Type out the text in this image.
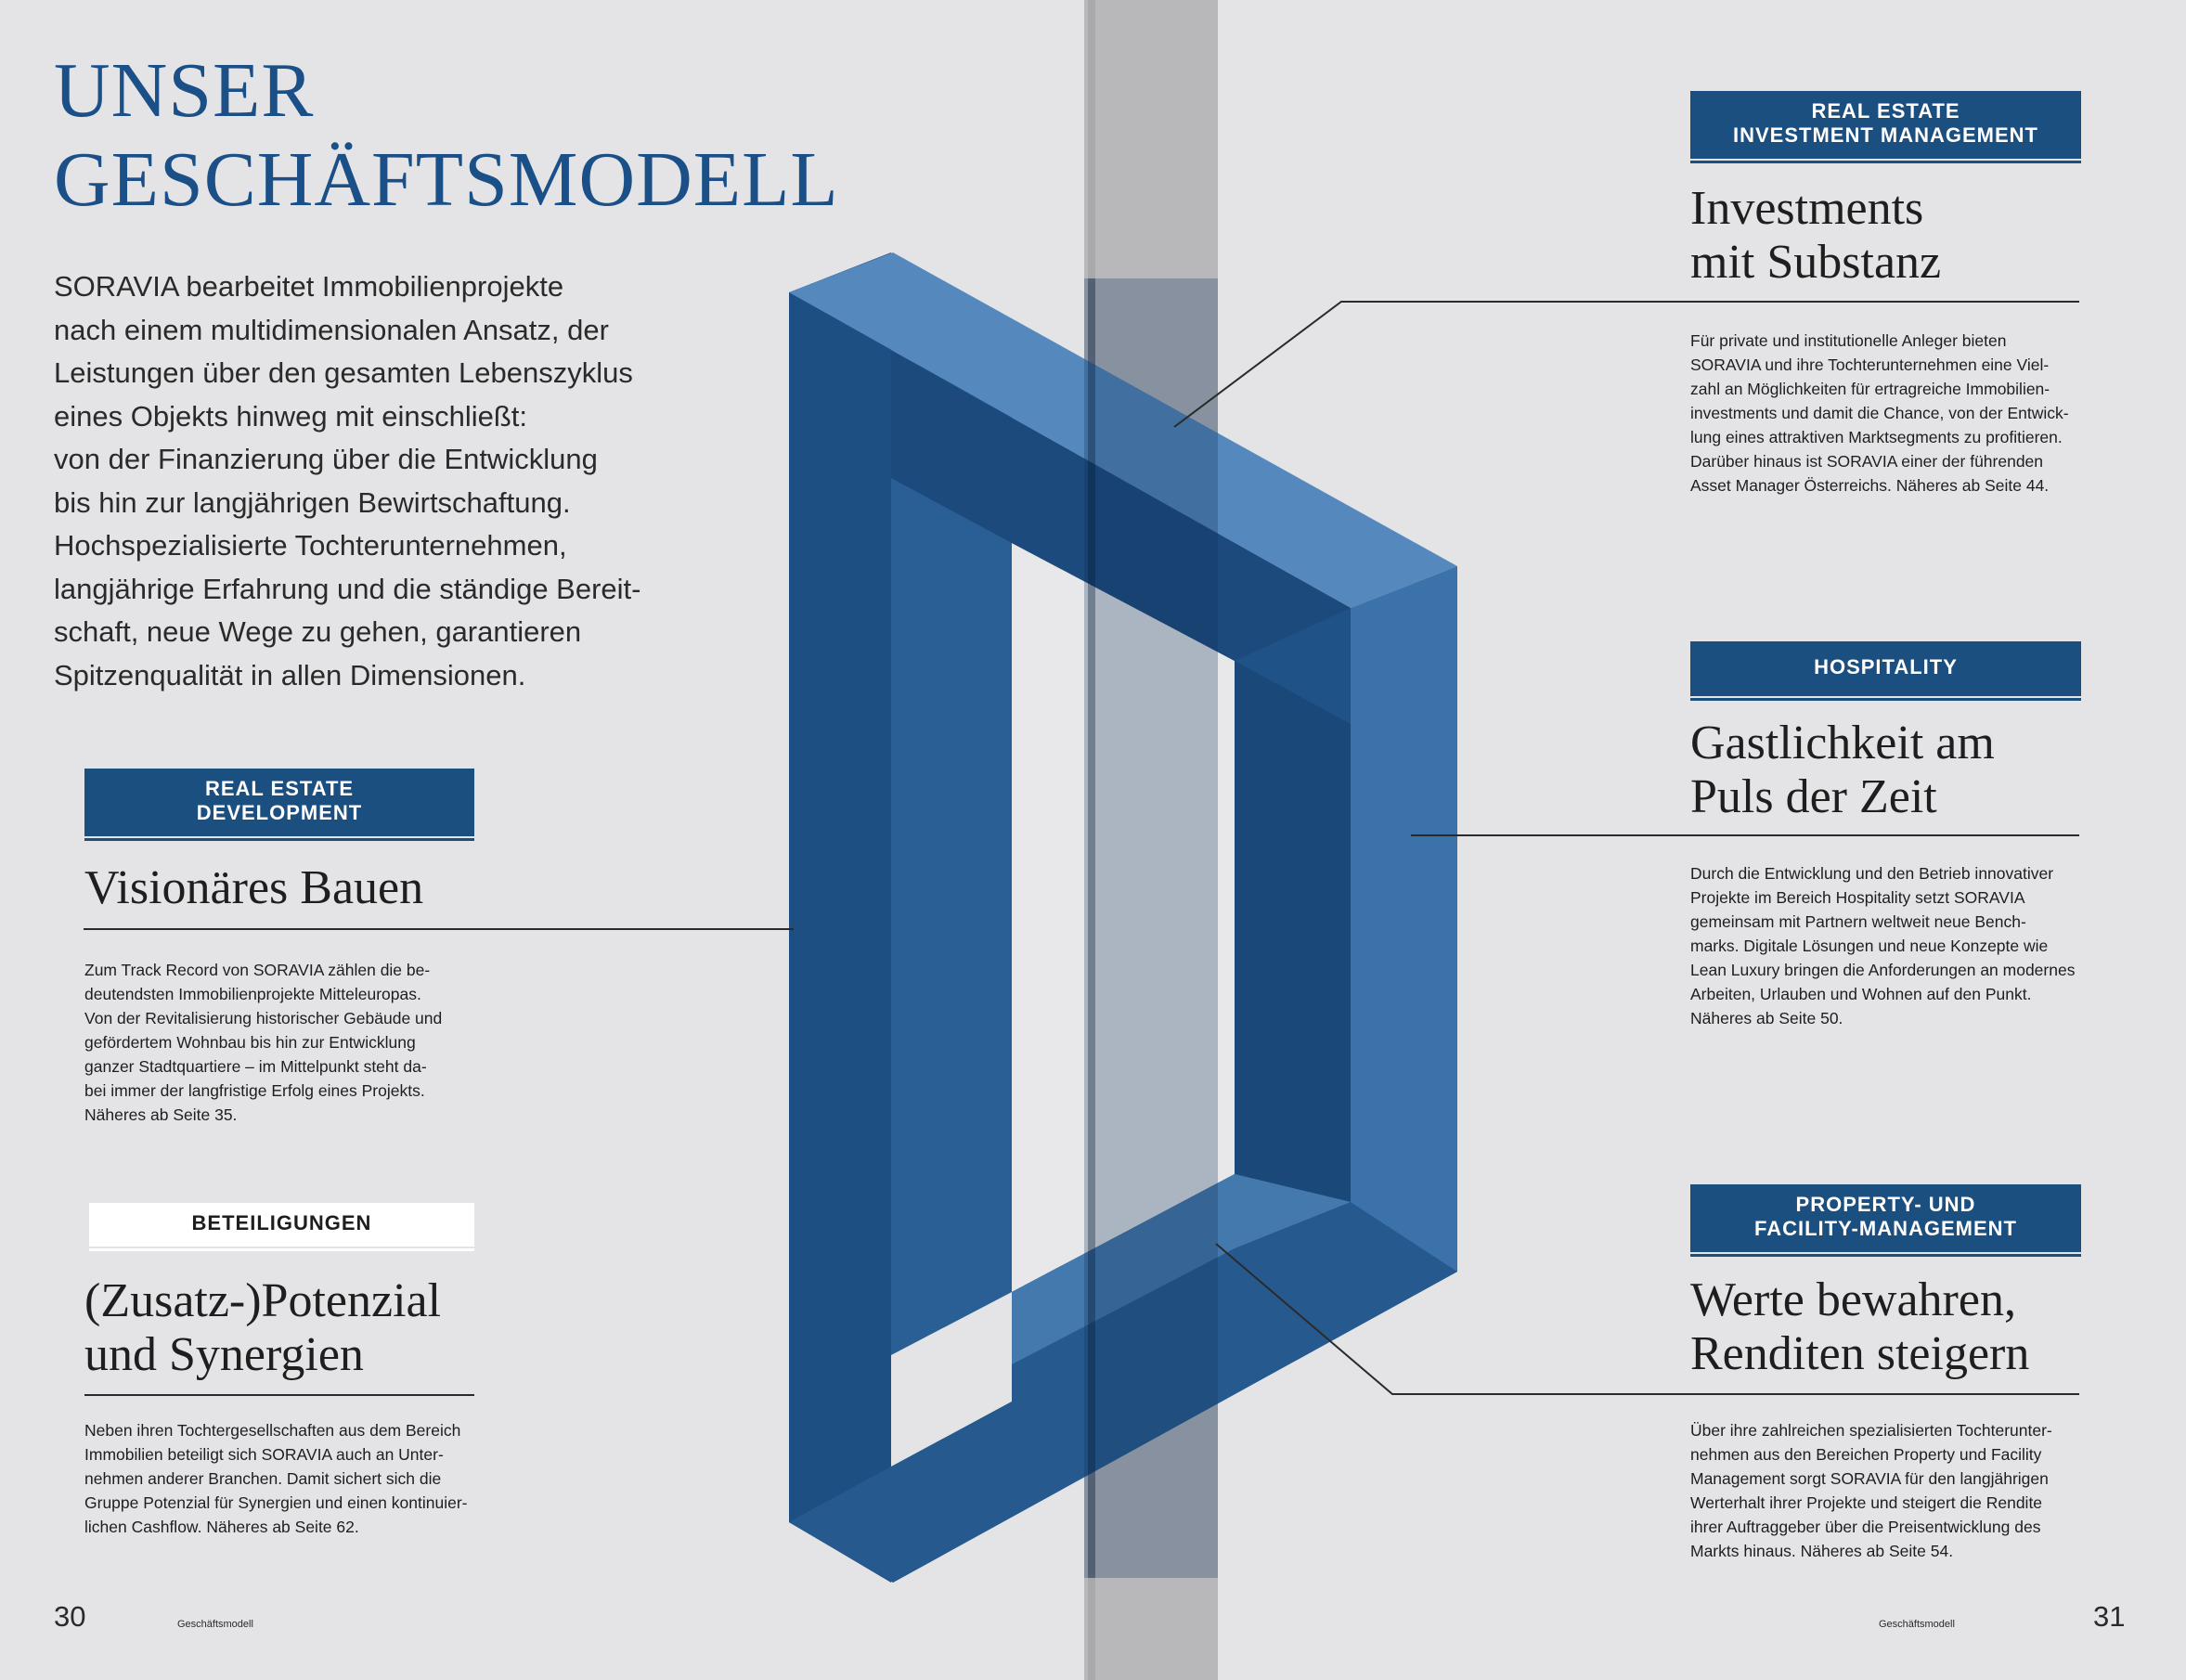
UNSER
GESCHÄFTSMODELL
SORAVIA bearbeitet Immobilienprojekte
nach einem multidimensionalen Ansatz, der
Leistungen über den gesamten Lebenszyklus
eines Objekts hinweg mit einschließt:
von der Finanzierung über die Entwicklung
bis hin zur langjährigen Bewirtschaftung.
Hochspezialisierte Tochterunternehmen,
langjährige Erfahrung und die ständige Bereit-
schaft, neue Wege zu gehen, garantieren
Spitzenqualität in allen Dimensionen.
REAL ESTATE
DEVELOPMENT
Visionäres Bauen
Zum Track Record von SORAVIA zählen die be-
deutendsten Immobilienprojekte Mitteleuropas.
Von der Revitalisierung historischer Gebäude und
gefördertem Wohnbau bis hin zur Entwicklung
ganzer Stadtquartiere – im Mittelpunkt steht da-
bei immer der langfristige Erfolg eines Projekts.
Näheres ab Seite 35.
BETEILIGUNGEN
(Zusatz-)Potenzial
und Synergien
Neben ihren Tochtergesellschaften aus dem Bereich
Immobilien beteiligt sich SORAVIA auch an Unter-
nehmen anderer Branchen. Damit sichert sich die
Gruppe Potenzial für Synergien und einen kontinuier-
lichen Cashflow. Näheres ab Seite 62.
REAL ESTATE
INVESTMENT MANAGEMENT
Investments
mit Substanz
Für private und institutionelle Anleger bieten
SORAVIA und ihre Tochterunternehmen eine Viel-
zahl an Möglichkeiten für ertragreiche Immobilien-
investments und damit die Chance, von der Entwick-
lung eines attraktiven Marktsegments zu profitieren.
Darüber hinaus ist SORAVIA einer der führenden
Asset Manager Österreichs. Näheres ab Seite 44.
HOSPITALITY
Gastlichkeit am
Puls der Zeit
Durch die Entwicklung und den Betrieb innovativer
Projekte im Bereich Hospitality setzt SORAVIA
gemeinsam mit Partnern weltweit neue Bench-
marks. Digitale Lösungen und neue Konzepte wie
Lean Luxury bringen die Anforderungen an modernes
Arbeiten, Urlauben und Wohnen auf den Punkt.
Näheres ab Seite 50.
PROPERTY- UND
FACILITY-MANAGEMENT
Werte bewahren,
Renditen steigern
Über ihre zahlreichen spezialisierten Tochterunter-
nehmen aus den Bereichen Property und Facility
Management sorgt SORAVIA für den langjährigen
Werterhalt ihrer Projekte und steigert die Rendite
ihrer Auftraggeber über die Preisentwicklung des
Markts hinaus. Näheres ab Seite 54.
30	Geschäftsmodell	Geschäftsmodell	31
